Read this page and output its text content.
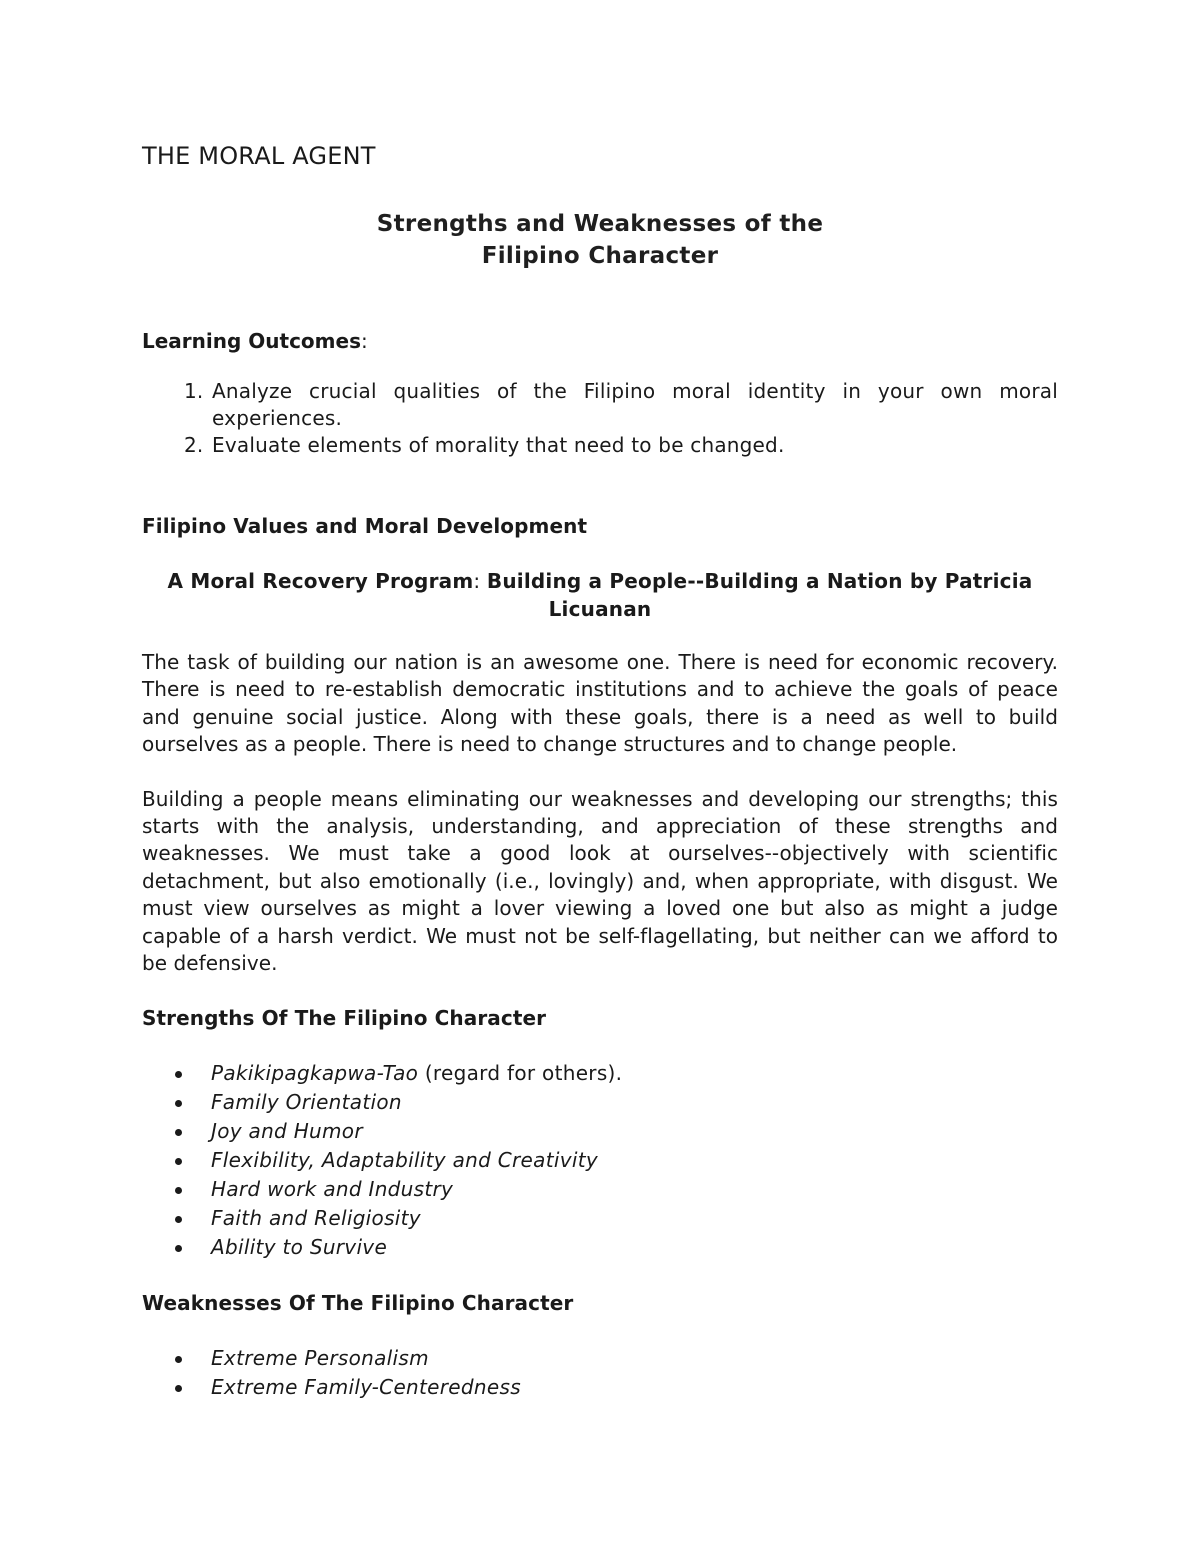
THE MORAL AGENT
Strengths and Weaknesses of the
Filipino Character
Learning Outcomes:
1. Analyze crucial qualities of the Filipino moral identity in your own moral experiences.
2. Evaluate elements of morality that need to be changed.
Filipino Values and Moral Development
A Moral Recovery Program: Building a People--Building a Nation by Patricia
Licuanan

The task of building our nation is an awesome one. There is need for economic recovery. There is need to re-establish democratic institutions and to achieve the goals of peace and genuine social justice. Along with these goals, there is a need as well to build ourselves as a people. There is need to change structures and to change people.

Building a people means eliminating our weaknesses and developing our strengths; this starts with the analysis, understanding, and appreciation of these strengths and weaknesses. We must take a good look at ourselves--objectively with scientific detachment, but also emotionally (i.e., lovingly) and, when appropriate, with disgust. We must view ourselves as might a lover viewing a loved one but also as might a judge capable of a harsh verdict. We must not be self-flagellating, but neither can we afford to be defensive.

Strengths Of The Filipino Character
Pakikipagkapwa-Tao (regard for others).
Family Orientation
Joy and Humor
Flexibility, Adaptability and Creativity
Hard work and Industry
Faith and Religiosity
Ability to Survive
Weaknesses Of The Filipino Character
Extreme Personalism
Extreme Family-Centeredness
